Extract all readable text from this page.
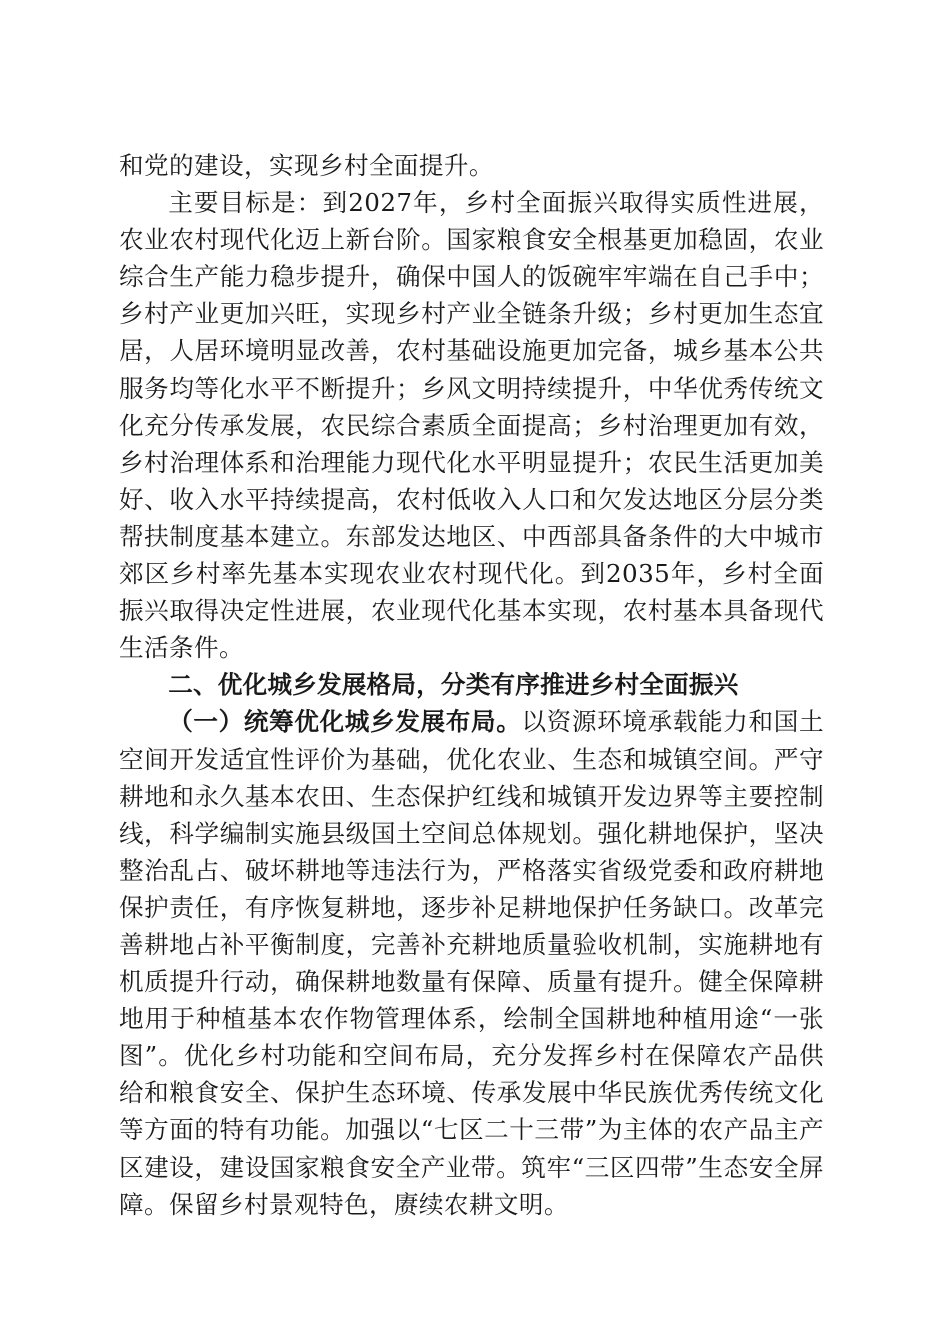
和党的建设，实现乡村全面提升。

主要目标是：到2027年，乡村全面振兴取得实质性进展，农业农村现代化迈上新台阶。国家粮食安全根基更加稳固，农业综合生产能力稳步提升，确保中国人的饭碗牢牢端在自己手中；乡村产业更加兴旺，实现乡村产业全链条升级；乡村更加生态宜居，人居环境明显改善，农村基础设施更加完备，城乡基本公共服务均等化水平不断提升；乡风文明持续提升，中华优秀传统文化充分传承发展，农民综合素质全面提高；乡村治理更加有效，乡村治理体系和治理能力现代化水平明显提升；农民生活更加美好、收入水平持续提高，农村低收入人口和欠发达地区分层分类帮扶制度基本建立。东部发达地区、中西部具备条件的大中城市郊区乡村率先基本实现农业农村现代化。到2035年，乡村全面振兴取得决定性进展，农业现代化基本实现，农村基本具备现代生活条件。

二、优化城乡发展格局，分类有序推进乡村全面振兴

（一）统筹优化城乡发展布局。以资源环境承载能力和国土空间开发适宜性评价为基础，优化农业、生态和城镇空间。严守耕地和永久基本农田、生态保护红线和城镇开发边界等主要控制线，科学编制实施县级国土空间总体规划。强化耕地保护，坚决整治乱占、破坏耕地等违法行为，严格落实省级党委和政府耕地保护责任，有序恢复耕地，逐步补足耕地保护任务缺口。改革完善耕地占补平衡制度，完善补充耕地质量验收机制，实施耕地有机质提升行动，确保耕地数量有保障、质量有提升。健全保障耕地用于种植基本农作物管理体系，绘制全国耕地种植用途“一张图”。优化乡村功能和空间布局，充分发挥乡村在保障农产品供给和粮食安全、保护生态环境、传承发展中华民族优秀传统文化等方面的特有功能。加强以“七区二十三带”为主体的农产品主产区建设，建设国家粮食安全产业带。筑牢“三区四带”生态安全屏障。保留乡村景观特色，赓续农耕文明。
